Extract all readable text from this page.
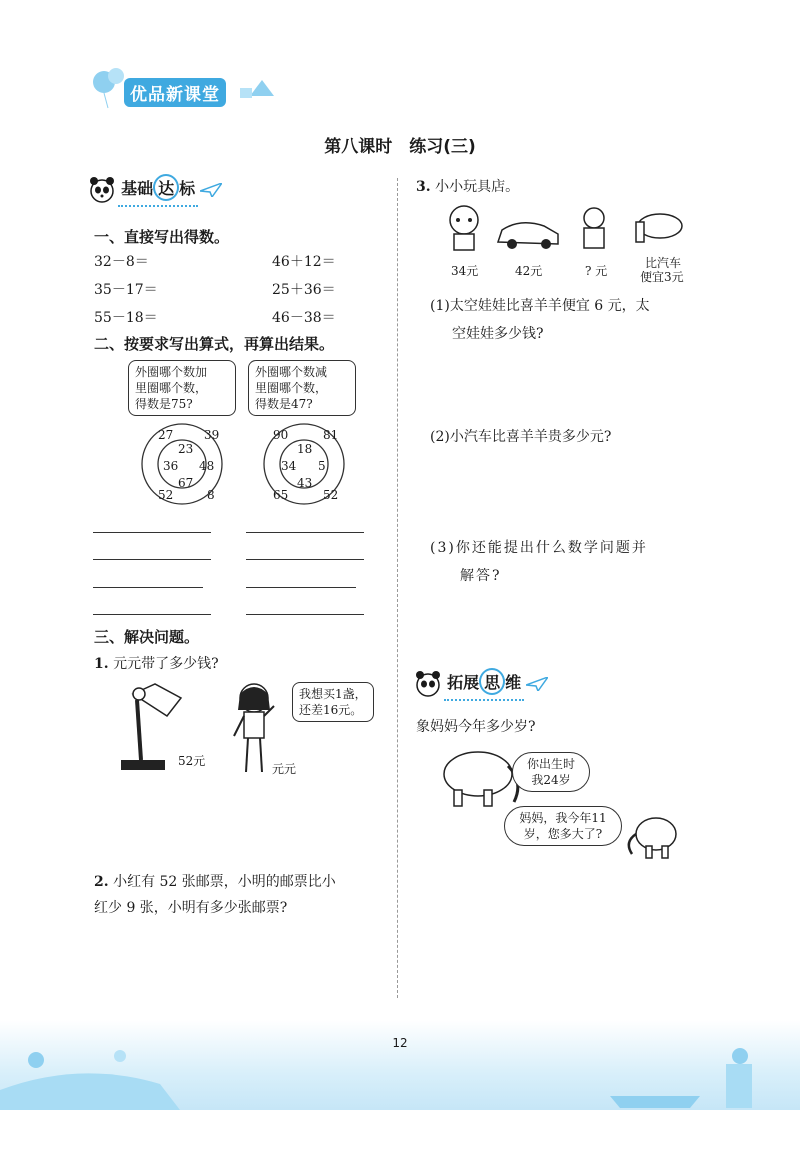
优品新课堂
第八课时　练习(三)
基础 达 标
一、直接写出得数。
32－8＝	46＋12＝
35－17＝	25＋36＝
55－18＝	46－38＝
二、按要求写出算式，再算出结果。
外圈哪个数加
里圈哪个数，
得数是75?
外圈哪个数减
里圈哪个数，
得数是47?
27	39
52	8
23
36 48
67
90	81
65	52
18
34 5
43
三、解决问题。
1. 元元带了多少钱?
52元
我想买1盏，
还差16元。
元元
2. 小红有 52 张邮票，小明的邮票比小
红少 9 张，小明有多少张邮票?
3. 小小玩具店。
34元	42元	? 元
比汽车
便宜3元
(1)太空娃娃比喜羊羊便宜 6 元，太
空娃娃多少钱?
(2)小汽车比喜羊羊贵多少元?
(3)你还能提出什么数学问题并
解答?
拓展 思 维
象妈妈今年多少岁?
你出生时
我24岁
妈妈，我今年11
岁，您多大了?
12
